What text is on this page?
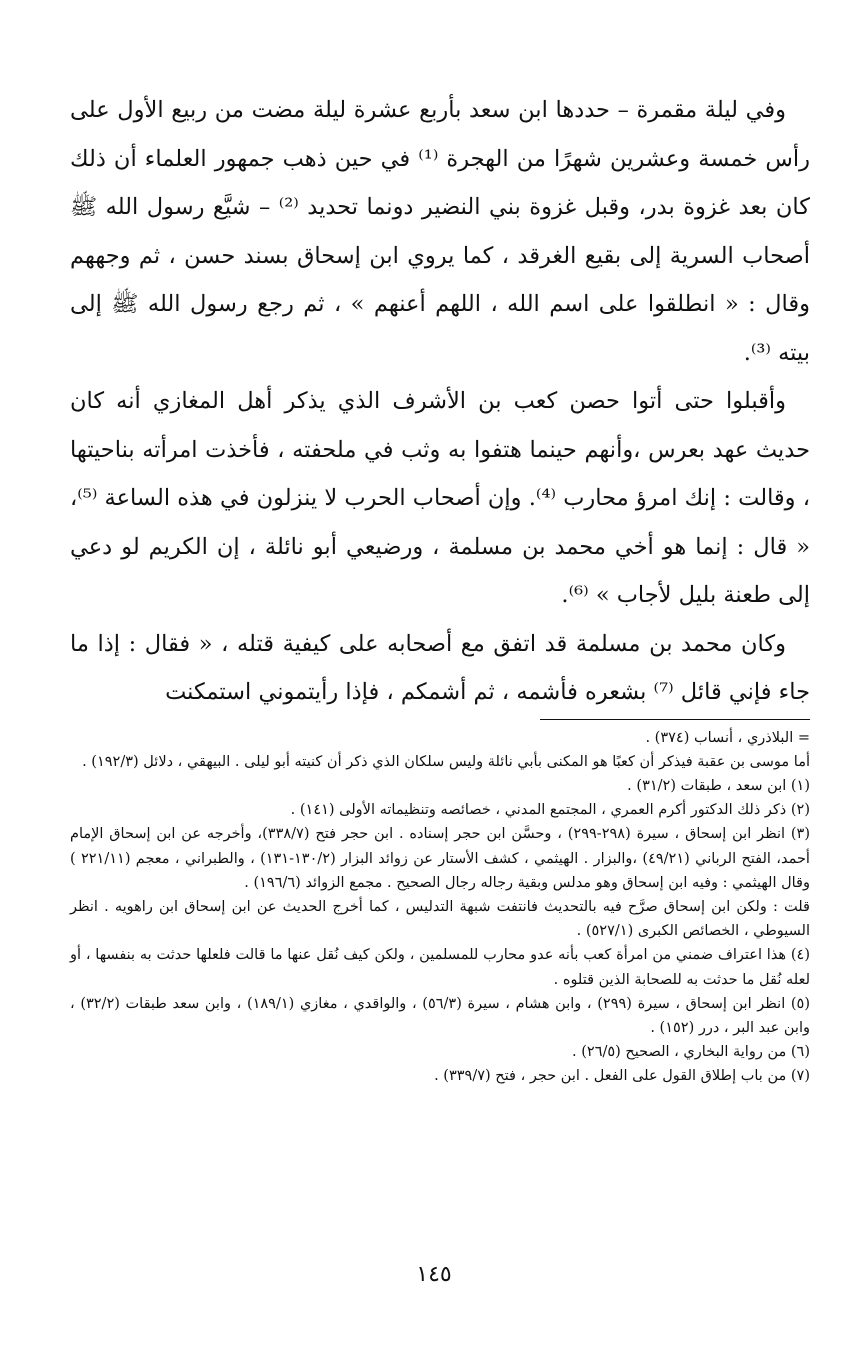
وفي ليلة مقمرة – حددها ابن سعد بأربع عشرة ليلة مضت من ربيع الأول على رأس خمسة وعشرين شهرًا من الهجرة ⁽¹⁾ في حين ذهب جمهور العلماء أن ذلك كان بعد غزوة بدر، وقبل غزوة بني النضير دونما تحديد ⁽²⁾ – شيَّع رسول الله ﷺ أصحاب السرية إلى بقيع الغرقد ، كما يروي ابن إسحاق بسند حسن ، ثم وجههم وقال : « انطلقوا على اسم الله ، اللهم أعنهم » ، ثم رجع رسول الله ﷺ إلى بيته ⁽³⁾.

وأقبلوا حتى أتوا حصن كعب بن الأشرف الذي يذكر أهل المغازي أنه كان حديث عهد بعرس ،وأنهم حينما هتفوا به وثب في ملحفته ، فأخذت امرأته بناحيتها ، وقالت : إنك امرؤ محارب ⁽⁴⁾. وإن أصحاب الحرب لا ينزلون في هذه الساعة ⁽⁵⁾، « قال : إنما هو أخي محمد بن مسلمة ، ورضيعي أبو نائلة ، إن الكريم لو دعي إلى طعنة بليل لأجاب » ⁽⁶⁾.

وكان محمد بن مسلمة قد اتفق مع أصحابه على كيفية قتله ، « فقال : إذا ما جاء فإني قائل ⁽⁷⁾ بشعره فأشمه ، ثم أشمكم ، فإذا رأيتموني استمكنت

= البلاذري ، أنساب (٣٧٤) .

أما موسى بن عقبة فيذكر أن كعبًا هو المكنى بأبي نائلة وليس سلكان الذي ذكر أن كنيته أبو ليلى . البيهقي ، دلائل (١٩٢/٣) .

(١) ابن سعد ، طبقات (٣١/٢) .

(٢) ذكر ذلك الدكتور أكرم العمري ، المجتمع المدني ، خصائصه وتنظيماته الأولى (١٤١) .

(٣) انظر ابن إسحاق ، سيرة (٢٩٨-٢٩٩) ، وحسَّن ابن حجر إسناده . ابن حجر فتح (٣٣٨/٧)، وأخرجه عن ابن إسحاق الإمام أحمد، الفتح الرباني (٤٩/٢١) ،والبزار . الهيثمي ، كشف الأستار عن زوائد البزار (١٣٠/٢-١٣١) ، والطبراني ، معجم (٢٢١/١١ ) وقال الهيثمي : وفيه ابن إسحاق وهو مدلس وبقية رجاله رجال الصحيح . مجمع الزوائد (١٩٦/٦) .

قلت : ولكن ابن إسحاق صرَّح فيه بالتحديث فانتفت شبهة التدليس ، كما أخرج الحديث عن ابن إسحاق ابن راهويه . انظر السيوطي ، الخصائص الكبرى (٥٢٧/١) .

(٤) هذا اعتراف ضمني من امرأة كعب بأنه عدو محارب للمسلمين ، ولكن كيف نُقل عنها ما قالت فلعلها حدثت به بنفسها ، أو لعله نُقل ما حدثت به للصحابة الذين قتلوه .

(٥) انظر ابن إسحاق ، سيرة (٢٩٩) ، وابن هشام ، سيرة (٥٦/٣) ، والواقدي ، مغازي (١٨٩/١) ، وابن سعد طبقات (٣٢/٢) ، وابن عبد البر ، درر (١٥٢) .

(٦) من رواية البخاري ، الصحيح (٢٦/٥) .

(٧) من باب إطلاق القول على الفعل . ابن حجر ، فتح (٣٣٩/٧) .

١٤٥
